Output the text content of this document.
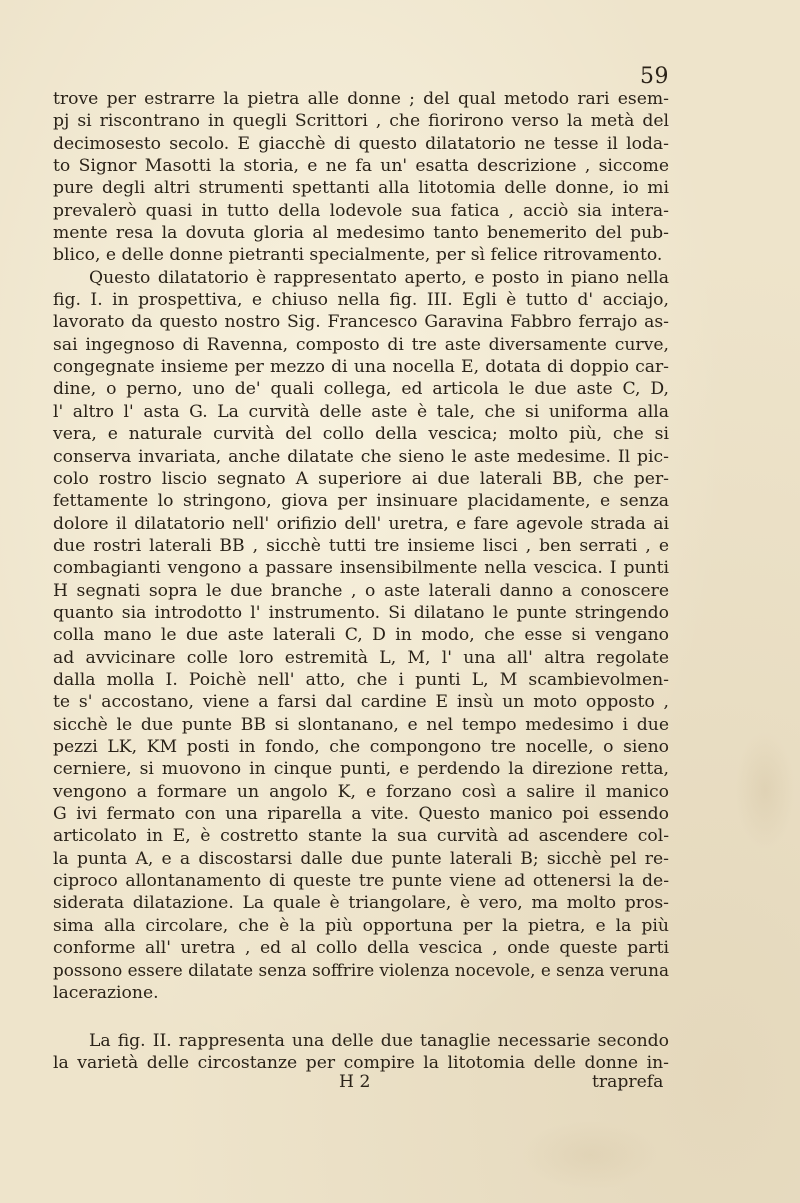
59
trove per estrarre la pietra alle donne ; del qual metodo rari esem-
pj si riscontrano in quegli Scrittori , che fiorirono verso la metà del
decimosesto secolo. E giacchè di questo dilatatorio ne tesse il loda-
to Signor Masotti la storia, e ne fa un' esatta descrizione , siccome
pure degli altri strumenti spettanti alla litotomia delle donne, io mi
prevalerò quasi in tutto della lodevole sua fatica , acciò sia intera-
mente resa la dovuta gloria al medesimo tanto benemerito del pub-
blico, e delle donne pietranti specialmente, per sì felice ritrovamento.
Questo dilatatorio è rappresentato aperto, e posto in piano nella
fig. I. in prospettiva, e chiuso nella fig. III. Egli è tutto d' acciajo,
lavorato da questo nostro Sig. Francesco Garavina Fabbro ferrajo as-
sai ingegnoso di Ravenna, composto di tre aste diversamente curve,
congegnate insieme per mezzo di una nocella E, dotata di doppio car-
dine, o perno, uno de' quali collega, ed articola le due aste C, D,
l' altro l' asta G. La curvità delle aste è tale, che si uniforma alla
vera, e naturale curvità del collo della vescica; molto più, che si
conserva invariata, anche dilatate che sieno le aste medesime. Il pic-
colo rostro liscio segnato A superiore ai due laterali BB, che per-
fettamente lo stringono, giova per insinuare placidamente, e senza
dolore il dilatatorio nell' orifizio dell' uretra, e fare agevole strada ai
due rostri laterali BB , sicchè tutti tre insieme lisci , ben serrati , e
combagianti vengono a passare insensibilmente nella vescica. I punti
H segnati sopra le due branche , o aste laterali danno a conoscere
quanto sia introdotto l' instrumento. Si dilatano le punte stringendo
colla mano le due aste laterali C, D in modo, che esse si vengano
ad avvicinare colle loro estremità L, M, l' una all' altra regolate
dalla molla I. Poichè nell' atto, che i punti L, M scambievolmen-
te s' accostano, viene a farsi dal cardine E insù un moto opposto ,
sicchè le due punte BB si slontanano, e nel tempo medesimo i due
pezzi LK, KM posti in fondo, che compongono tre nocelle, o sieno
cerniere, si muovono in cinque punti, e perdendo la direzione retta,
vengono a formare un angolo K, e forzano così a salire il manico
G ivi fermato con una riparella a vite. Questo manico poi essendo
articolato in E, è costretto stante la sua curvità ad ascendere col-
la punta A, e a discostarsi dalle due punte laterali B; sicchè pel re-
ciproco allontanamento di queste tre punte viene ad ottenersi la de-
siderata dilatazione. La quale è triangolare, è vero, ma molto pros-
sima alla circolare, che è la più opportuna per la pietra, e la più
conforme all' uretra , ed al collo della vescica , onde queste parti
possono essere dilatate senza soffrire violenza nocevole, e senza veruna
lacerazione.
La fig. II. rappresenta una delle due tanaglie necessarie secondo
la varietà delle circostanze per compire la litotomia delle donne in-
H 2	traprefa
